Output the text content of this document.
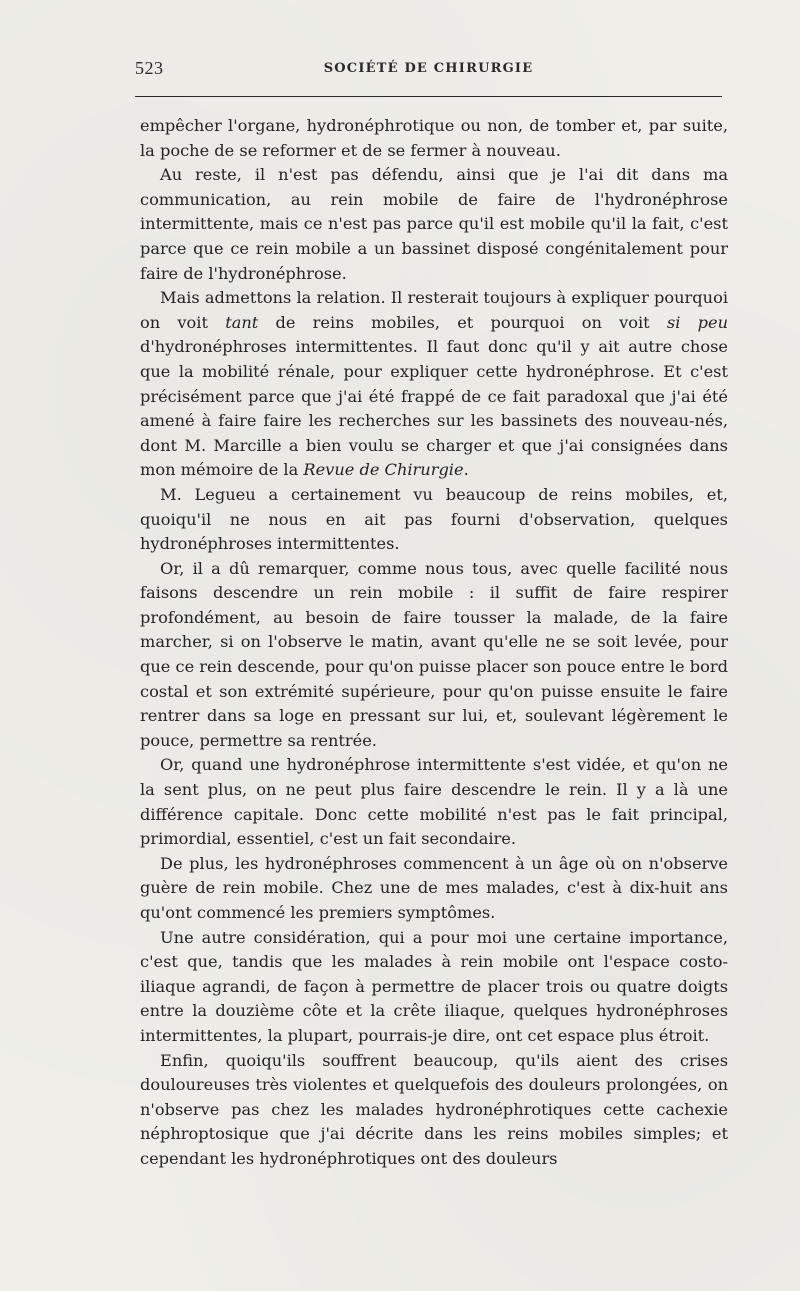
523	SOCIÉTÉ DE CHIRURGIE

empêcher l'organe, hydronéphrotique ou non, de tomber et, par suite, la poche de se reformer et de se fermer à nouveau.

Au reste, il n'est pas défendu, ainsi que je l'ai dit dans ma communication, au rein mobile de faire de l'hydronéphrose intermittente, mais ce n'est pas parce qu'il est mobile qu'il la fait, c'est parce que ce rein mobile a un bassinet disposé congénitalement pour faire de l'hydronéphrose.

Mais admettons la relation. Il resterait toujours à expliquer pourquoi on voit tant de reins mobiles, et pourquoi on voit si peu d'hydronéphroses intermittentes. Il faut donc qu'il y ait autre chose que la mobilité rénale, pour expliquer cette hydronéphrose. Et c'est précisément parce que j'ai été frappé de ce fait paradoxal que j'ai été amené à faire faire les recherches sur les bassinets des nouveau-nés, dont M. Marcille a bien voulu se charger et que j'ai consignées dans mon mémoire de la Revue de Chirurgie.

M. Legueu a certainement vu beaucoup de reins mobiles, et, quoiqu'il ne nous en ait pas fourni d'observation, quelques hydronéphroses intermittentes.

Or, il a dû remarquer, comme nous tous, avec quelle facilité nous faisons descendre un rein mobile : il suffit de faire respirer profondément, au besoin de faire tousser la malade, de la faire marcher, si on l'observe le matin, avant qu'elle ne se soit levée, pour que ce rein descende, pour qu'on puisse placer son pouce entre le bord costal et son extrémité supérieure, pour qu'on puisse ensuite le faire rentrer dans sa loge en pressant sur lui, et, soulevant légèrement le pouce, permettre sa rentrée.

Or, quand une hydronéphrose intermittente s'est vidée, et qu'on ne la sent plus, on ne peut plus faire descendre le rein. Il y a là une différence capitale. Donc cette mobilité n'est pas le fait principal, primordial, essentiel, c'est un fait secondaire.

De plus, les hydronéphroses commencent à un âge où on n'observe guère de rein mobile. Chez une de mes malades, c'est à dix-huit ans qu'ont commencé les premiers symptômes.

Une autre considération, qui a pour moi une certaine importance, c'est que, tandis que les malades à rein mobile ont l'espace costo-iliaque agrandi, de façon à permettre de placer trois ou quatre doigts entre la douzième côte et la crête iliaque, quelques hydronéphroses intermittentes, la plupart, pourrais-je dire, ont cet espace plus étroit.

Enfin, quoiqu'ils souffrent beaucoup, qu'ils aient des crises douloureuses très violentes et quelquefois des douleurs prolongées, on n'observe pas chez les malades hydronéphrotiques cette cachexie néphroptosique que j'ai décrite dans les reins mobiles simples; et cependant les hydronéphrotiques ont des douleurs
